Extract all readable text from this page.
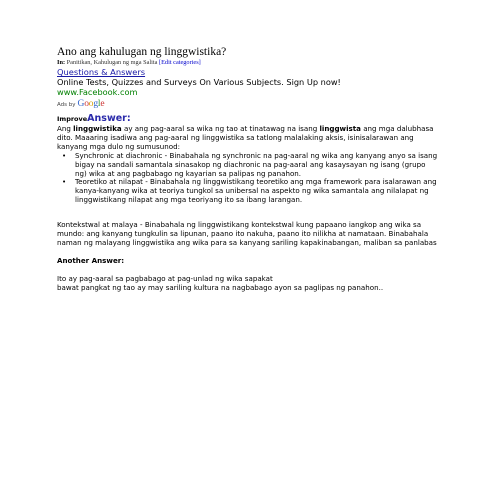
Ano ang kahulugan ng linggwistika?
In: Panitikan, Kahulugan ng mga Salita [Edit categories]
Questions & Answers
Online Tests, Quizzes and Surveys On Various Subjects. Sign Up now!
www.Facebook.com
Ads by Google
ImproveAnswer:

Ang linggwistika ay ang pag-aaral sa wika ng tao at tinatawag na isang linggwista ang mga dalubhasa dito. Maaaring isadiwa ang pag-aaral ng linggwistika sa tatlong malalaking aksis, isinisalarawan ang kanyang mga dulo ng sumusunod:

• Synchronic at diachronic - Binabahala ng synchronic na pag-aaral ng wika ang kanyang anyo sa isang bigay na sandali samantala sinasakop ng diachronic na pag-aaral ang kasaysayan ng isang (grupo ng) wika at ang pagbabago ng kayarian sa palipas ng panahon.
• Teoretiko at nilapat - Binabahala ng linggwistikang teoretiko ang mga framework para isalarawan ang kanya-kanyang wika at teoriya tungkol sa unibersal na aspekto ng wika samantala ang nilalapat ng linggwistikang nilapat ang mga teoriyang ito sa ibang larangan.

Kontekstwal at malaya - Binabahala ng linggwistikang kontekstwal kung papaano iangkop ang wika sa mundo: ang kanyang tungkulin sa lipunan, paano ito nakuha, paano ito nilikha at namataan. Binabahala naman ng malayang linggwistika ang wika para sa kanyang sariling kapakinabangan, maliban sa panlabas

Another Answer:

Ito ay pag-aaral sa pagbabago at pag-unlad ng wika sapakat

bawat pangkat ng tao ay may sariling kultura na nagbabago ayon sa paglipas ng panahon..
